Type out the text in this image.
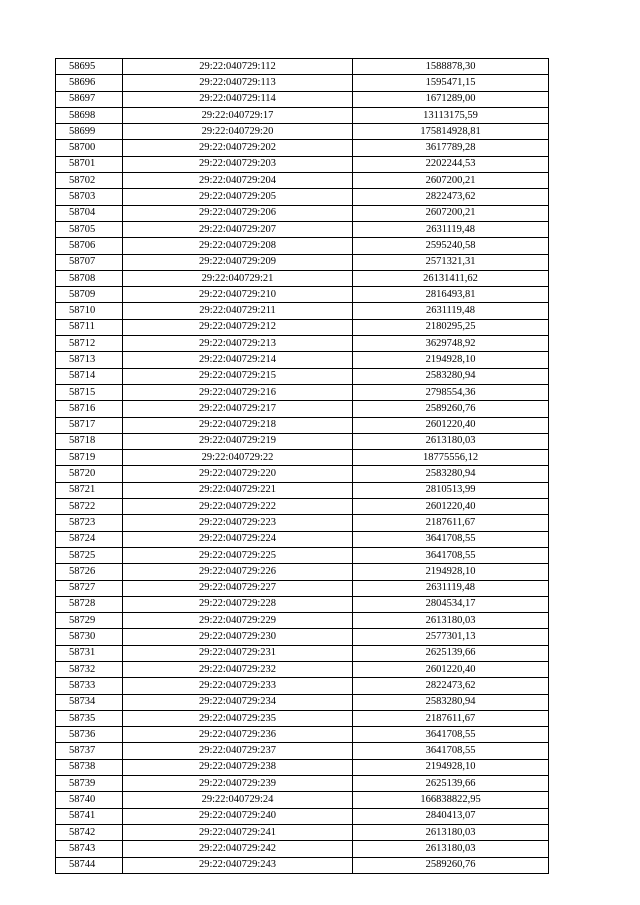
58695	29:22:040729:112	1588878,30
58696	29:22:040729:113	1595471,15
58697	29:22:040729:114	1671289,00
58698	29:22:040729:17	13113175,59
58699	29:22:040729:20	175814928,81
58700	29:22:040729:202	3617789,28
58701	29:22:040729:203	2202244,53
58702	29:22:040729:204	2607200,21
58703	29:22:040729:205	2822473,62
58704	29:22:040729:206	2607200,21
58705	29:22:040729:207	2631119,48
58706	29:22:040729:208	2595240,58
58707	29:22:040729:209	2571321,31
58708	29:22:040729:21	26131411,62
58709	29:22:040729:210	2816493,81
58710	29:22:040729:211	2631119,48
58711	29:22:040729:212	2180295,25
58712	29:22:040729:213	3629748,92
58713	29:22:040729:214	2194928,10
58714	29:22:040729:215	2583280,94
58715	29:22:040729:216	2798554,36
58716	29:22:040729:217	2589260,76
58717	29:22:040729:218	2601220,40
58718	29:22:040729:219	2613180,03
58719	29:22:040729:22	18775556,12
58720	29:22:040729:220	2583280,94
58721	29:22:040729:221	2810513,99
58722	29:22:040729:222	2601220,40
58723	29:22:040729:223	2187611,67
58724	29:22:040729:224	3641708,55
58725	29:22:040729:225	3641708,55
58726	29:22:040729:226	2194928,10
58727	29:22:040729:227	2631119,48
58728	29:22:040729:228	2804534,17
58729	29:22:040729:229	2613180,03
58730	29:22:040729:230	2577301,13
58731	29:22:040729:231	2625139,66
58732	29:22:040729:232	2601220,40
58733	29:22:040729:233	2822473,62
58734	29:22:040729:234	2583280,94
58735	29:22:040729:235	2187611,67
58736	29:22:040729:236	3641708,55
58737	29:22:040729:237	3641708,55
58738	29:22:040729:238	2194928,10
58739	29:22:040729:239	2625139,66
58740	29:22:040729:24	166838822,95
58741	29:22:040729:240	2840413,07
58742	29:22:040729:241	2613180,03
58743	29:22:040729:242	2613180,03
58744	29:22:040729:243	2589260,76
